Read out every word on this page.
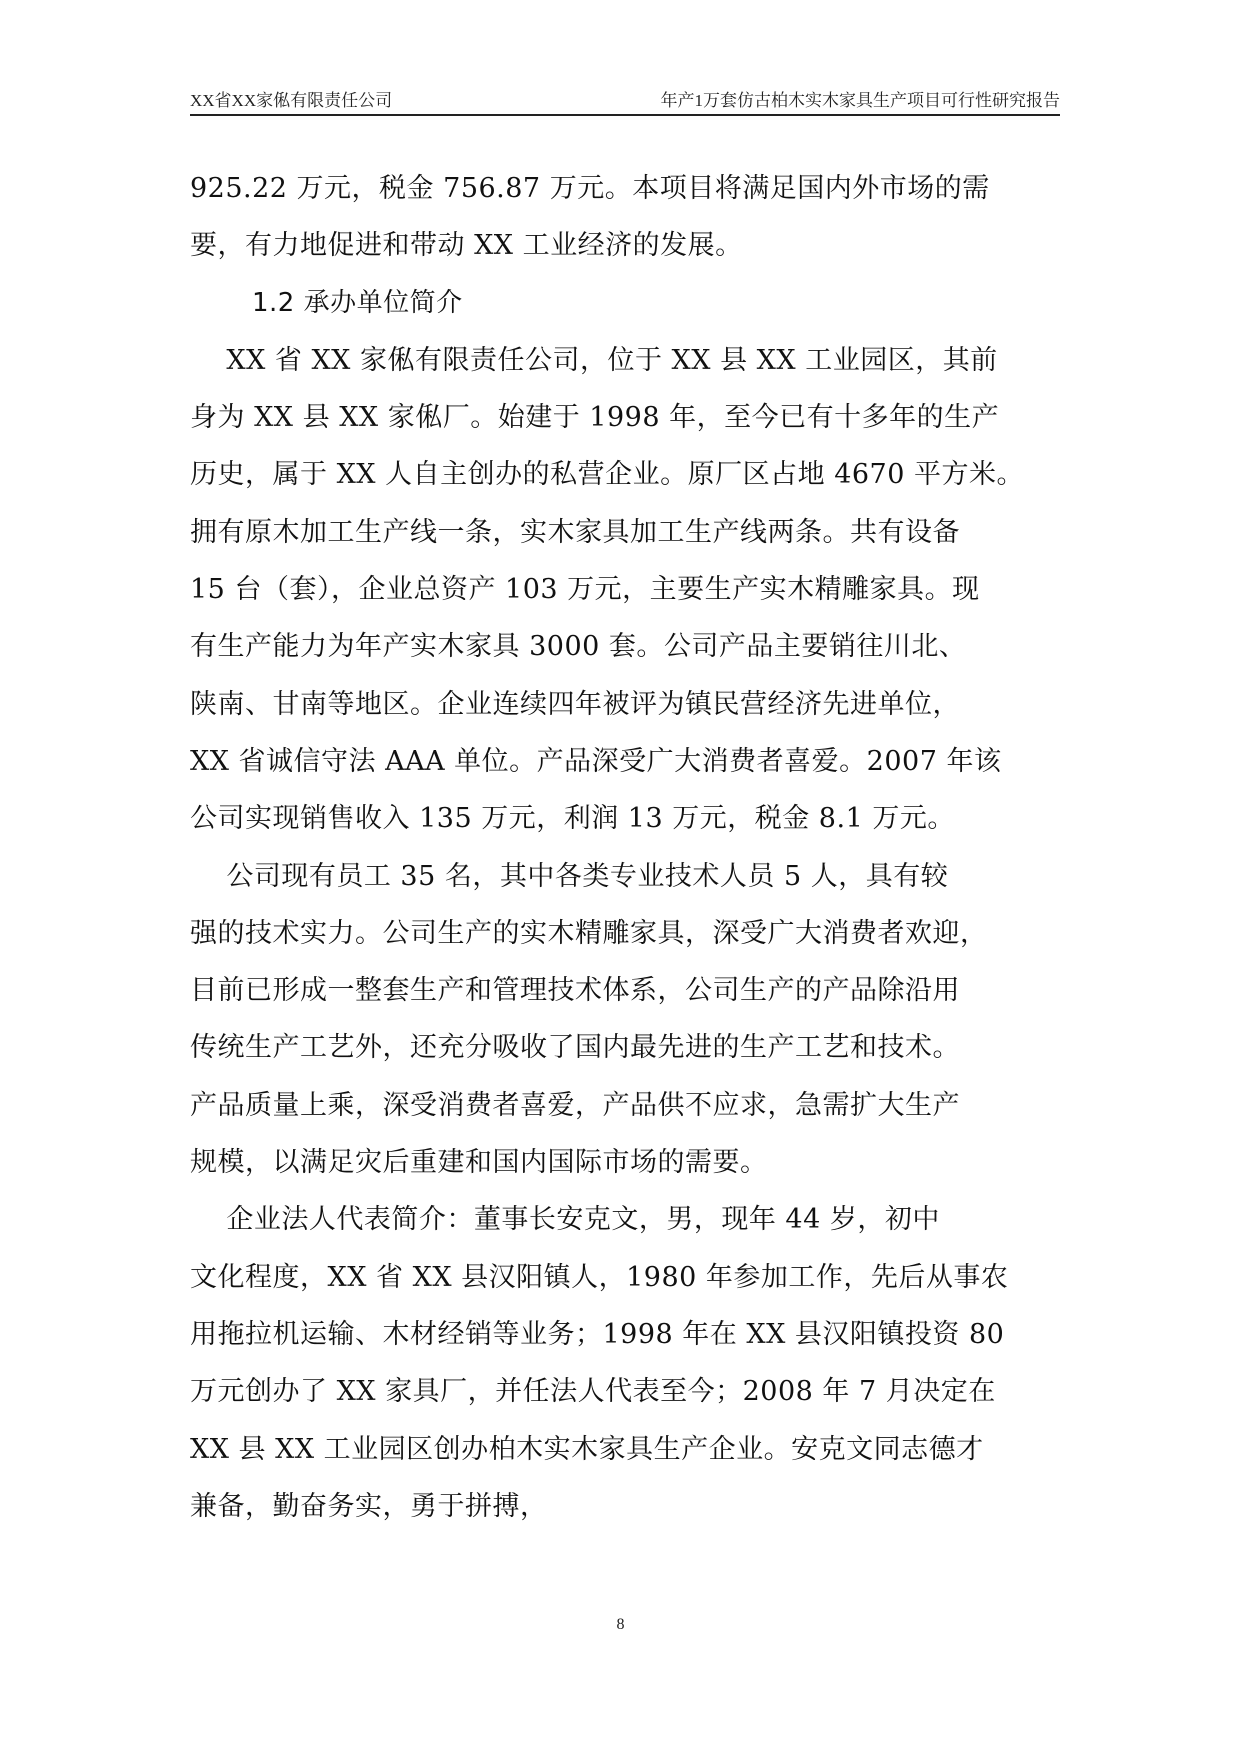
XX省XX家俬有限责任公司	年产1万套仿古柏木实木家具生产项目可行性研究报告

925.22 万元，税金 756.87 万元。本项目将满足国内外市场的需

要，有力地促进和带动 XX 工业经济的发展。

1.2 承办单位简介

XX 省 XX 家俬有限责任公司，位于 XX 县 XX 工业园区，其前

身为 XX 县 XX 家俬厂。始建于 1998 年，至今已有十多年的生产

历史，属于 XX 人自主创办的私营企业。原厂区占地 4670 平方米。

拥有原木加工生产线一条，实木家具加工生产线两条。共有设备

15 台（套），企业总资产 103 万元，主要生产实木精雕家具。现

有生产能力为年产实木家具 3000 套。公司产品主要销往川北、

陕南、甘南等地区。企业连续四年被评为镇民营经济先进单位，

XX 省诚信守法 AAA 单位。产品深受广大消费者喜爱。2007 年该

公司实现销售收入 135 万元，利润 13 万元，税金 8.1 万元。

公司现有员工 35 名，其中各类专业技术人员 5 人，具有较

强的技术实力。公司生产的实木精雕家具，深受广大消费者欢迎，

目前已形成一整套生产和管理技术体系，公司生产的产品除沿用

传统生产工艺外，还充分吸收了国内最先进的生产工艺和技术。

产品质量上乘，深受消费者喜爱，产品供不应求，急需扩大生产

规模，以满足灾后重建和国内国际市场的需要。

企业法人代表简介：董事长安克文，男，现年 44 岁，初中

文化程度，XX 省 XX 县汉阳镇人，1980 年参加工作，先后从事农

用拖拉机运输、木材经销等业务；1998 年在 XX 县汉阳镇投资 80

万元创办了 XX 家具厂，并任法人代表至今；2008 年 7 月决定在

XX 县 XX 工业园区创办柏木实木家具生产企业。安克文同志德才

兼备，勤奋务实，勇于拼搏，

8
